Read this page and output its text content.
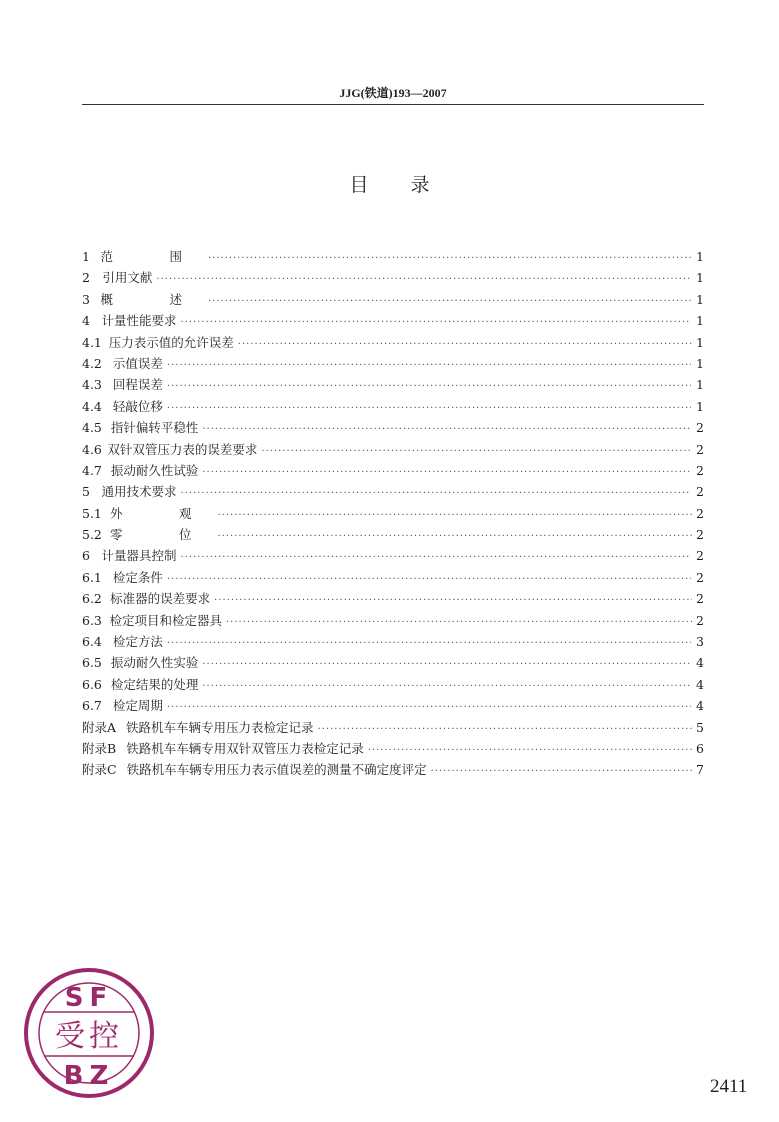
JJG(铁道)193—2007
目录
1 范　围 ·····	1
2 引用文献 ·····	1
3 概　述 ·····	1
4 计量性能要求 ·····	1
4.1 压力表示值的允许误差 ·····	1
4.2 示值误差 ·····	1
4.3 回程误差 ·····	1
4.4 轻敲位移 ·····	1
4.5 指针偏转平稳性 ·····	2
4.6 双针双管压力表的误差要求 ·····	2
4.7 振动耐久性试验 ·····	2
5 通用技术要求 ·····	2
5.1 外　观 ·····	2
5.2 零　位 ·····	2
6 计量器具控制 ·····	2
6.1 检定条件 ·····	2
6.2 标准器的误差要求 ·····	2
6.3 检定项目和检定器具 ·····	2
6.4 检定方法 ·····	3
6.5 振动耐久性实验 ·····	4
6.6 检定结果的处理 ·····	4
6.7 检定周期 ·····	4
附录A 铁路机车车辆专用压力表检定记录 ·····	5
附录B 铁路机车车辆专用双针双管压力表检定记录 ·····	6
附录C 铁路机车车辆专用压力表示值误差的测量不确定度评定 ·····	7
SF
受控
BZ	2411
